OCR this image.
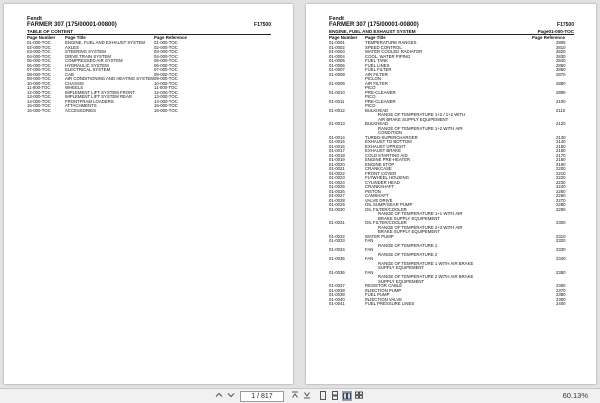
Fendt
FARMER 307 (175/00001-00800)	F17500
TABLE OF CONTENT
Page Number Page Title	Page Reference
01-000-TOC	ENGINE, FUEL AND EXHAUST SYSTEM 01-000-TOC
02-000-TOC	AXLES	02-000-TOC
03-000-TOC	STEERING SYSTEM	03-000-TOC
04-000-TOC	DRIVE TRAIN SYSTEM	04-000-TOC
05-000-TOC	COMPRESSED AIR SYSTEM	05-000-TOC
06-000-TOC	HYDRAULIC SYSTEM	06-000-TOC
07-000-TOC	ELECTRICAL SYSTEM	07-000-TOC
08-000-TOC	CAB	08-000-TOC
09-000-TOC	AIR CONDITIONING AND HEATING SYSTEM 09-000-TOC
10-000-TOC	CHASSIS	10-000-TOC
11-000-TOC	WHEELS	11-000-TOC
12-000-TOC	IMPLEMENT LIFT SYSTEM FRONT	12-000-TOC
13-000-TOC	IMPLEMENT LIFT SYSTEM REAR	13-000-TOC
14-000-TOC	FRONTFRAM LOADERS	14-000-TOC
15-000-TOC	ATTACHMENTS	15-000-TOC
16-000-TOC	ACCESSORIES	16-000-TOC
Fendt
FARMER 307 (175/00001-00800)	F17500
ENGINE, FUEL AND EXHAUST SYSTEM	Page01-000-TOC
Page Number Page Title	Page Reference
01-0001	TEMPERATURE RANGES	2805
01-0002	SPEED CONTROL	2810
01-0003	WATER COOLED RADIATOR	2820
01-0004	COOL. WATER PIPING	2830
01-0005	FUEL TANK	2840
01-0006	FUEL LINES	2850
01-0007	FUEL FILTER	2860
01-0008	AIR FILTER	2870
PICLON
01-0009	AIR FILTER	2880
PICO
01-0010	PRE-CLEANER	2890
PICO
01-0011	PRE-CLEANER	2100
PICO
01-0012	BULKHEAD	2110
RANGE OF TEMPERATURE 1+2 / 1+2 WITH
AIR BRAKE SUPPLY EQUIPEMENT
01-0013	BULKHEAD	2120
RANGE OF TEMPERATURE 1+2 WITH AIR
CONDITION
01-0014	TURBO-SUPERCHARGER	2130
01-0015	EXHAUST TO BOTTOM	2140
01-0016	EXHAUST UPRIGHT	2150
01-0017	EXHAUST BRAKE	2160
01-0018	COLD STARTING AID	2170
01-0019	ENGINE PRE-HEATER	2180
01-0020	ENGINE STOP	2190
01-0021	CRANKCASE	2200
01-0022	FRONT COVER	2210
01-0023	FLYWHEEL HOUSING	2220
01-0024	CYLINDER HEAD	2230
01-0025	CRANKSHAFT	2240
01-0026	PISTON	2250
01-0027	CAMSHAFT	2260
01-0028	VALVE DRIVE	2270
01-0029	OIL SUMP/GEAR PUMP	2280
01-0030	OIL FILTER/COOLER	2290
RANGE OF TEMPERATURE 1+1 WITH AIR
BRAKE SUPPLY EQUIPEMENT
01-0031	OIL FILTER/COOLER	2300
RANGE OF TEMPERATURE 2+3 WITH AIR
BRAKE SUPPLY EQUIPEMENT
01-0032	WATER PUMP	2310
01-0033	FAN	2320
RANGE OF TEMPERATURE 1
01-0034	FAN	2330
RANGE OF TEMPERATURE 2
01-0035	FAN	2340
RANGE OF TEMPERATURE 1 WITH AIR BRAKE
SUPPLY EQUIPEMENT
01-0036	FAN	2350
RANGE OF TEMPERATURE 2 WITH AIR BRAKE
SUPPLY EQUIPEMENT
01-0037	RESISTOR CABLE	2360
01-0038	INJECTION PUMP	2370
01-0039	FUEL PUMP	2380
01-0040	INJECTION VALVE	2390
01-0041	FUEL PRESSURE LINES	2400
1 / 817	60.13%
